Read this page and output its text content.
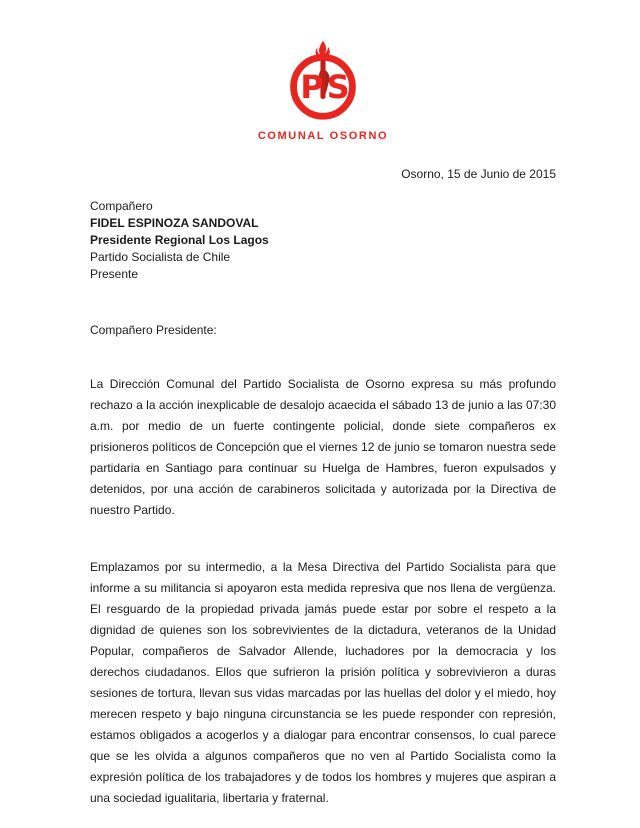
P S
COMUNAL OSORNO
Osorno, 15 de Junio de 2015
Compañero
FIDEL ESPINOZA SANDOVAL
Presidente Regional Los Lagos
Partido Socialista de Chile
Presente
Compañero Presidente:

La Dirección Comunal del Partido Socialista de Osorno expresa su más profundo rechazo a la acción inexplicable de desalojo acaecida el sábado 13 de junio a las 07:30 a.m. por medio de un fuerte contingente policial, donde siete compañeros ex prisioneros políticos de Concepción que el viernes 12 de junio se tomaron nuestra sede partidaria en Santiago para continuar su Huelga de Hambres, fueron expulsados y detenidos, por una acción de carabineros solicitada y autorizada por la Directiva de nuestro Partido.

Emplazamos por su intermedio, a la Mesa Directiva del Partido Socialista para que informe a su militancia si apoyaron esta medida represiva que nos llena de vergüenza. El resguardo de la propiedad privada jamás puede estar por sobre el respeto a la dignidad de quienes son los sobrevivientes de la dictadura, veteranos de la Unidad Popular, compañeros de Salvador Allende, luchadores por la democracia y los derechos ciudadanos. Ellos que sufrieron la prisión política y sobrevivieron a duras sesiones de tortura, llevan sus vidas marcadas por las huellas del dolor y el miedo, hoy merecen respeto y bajo ninguna circunstancia se les puede responder con represión, estamos obligados a acogerlos y a dialogar para encontrar consensos, lo cual parece que se les olvida a algunos compañeros que no ven al Partido Socialista como la expresión política de los trabajadores y de todos los hombres y mujeres que aspiran a una sociedad igualitaria, libertaria y fraternal.
